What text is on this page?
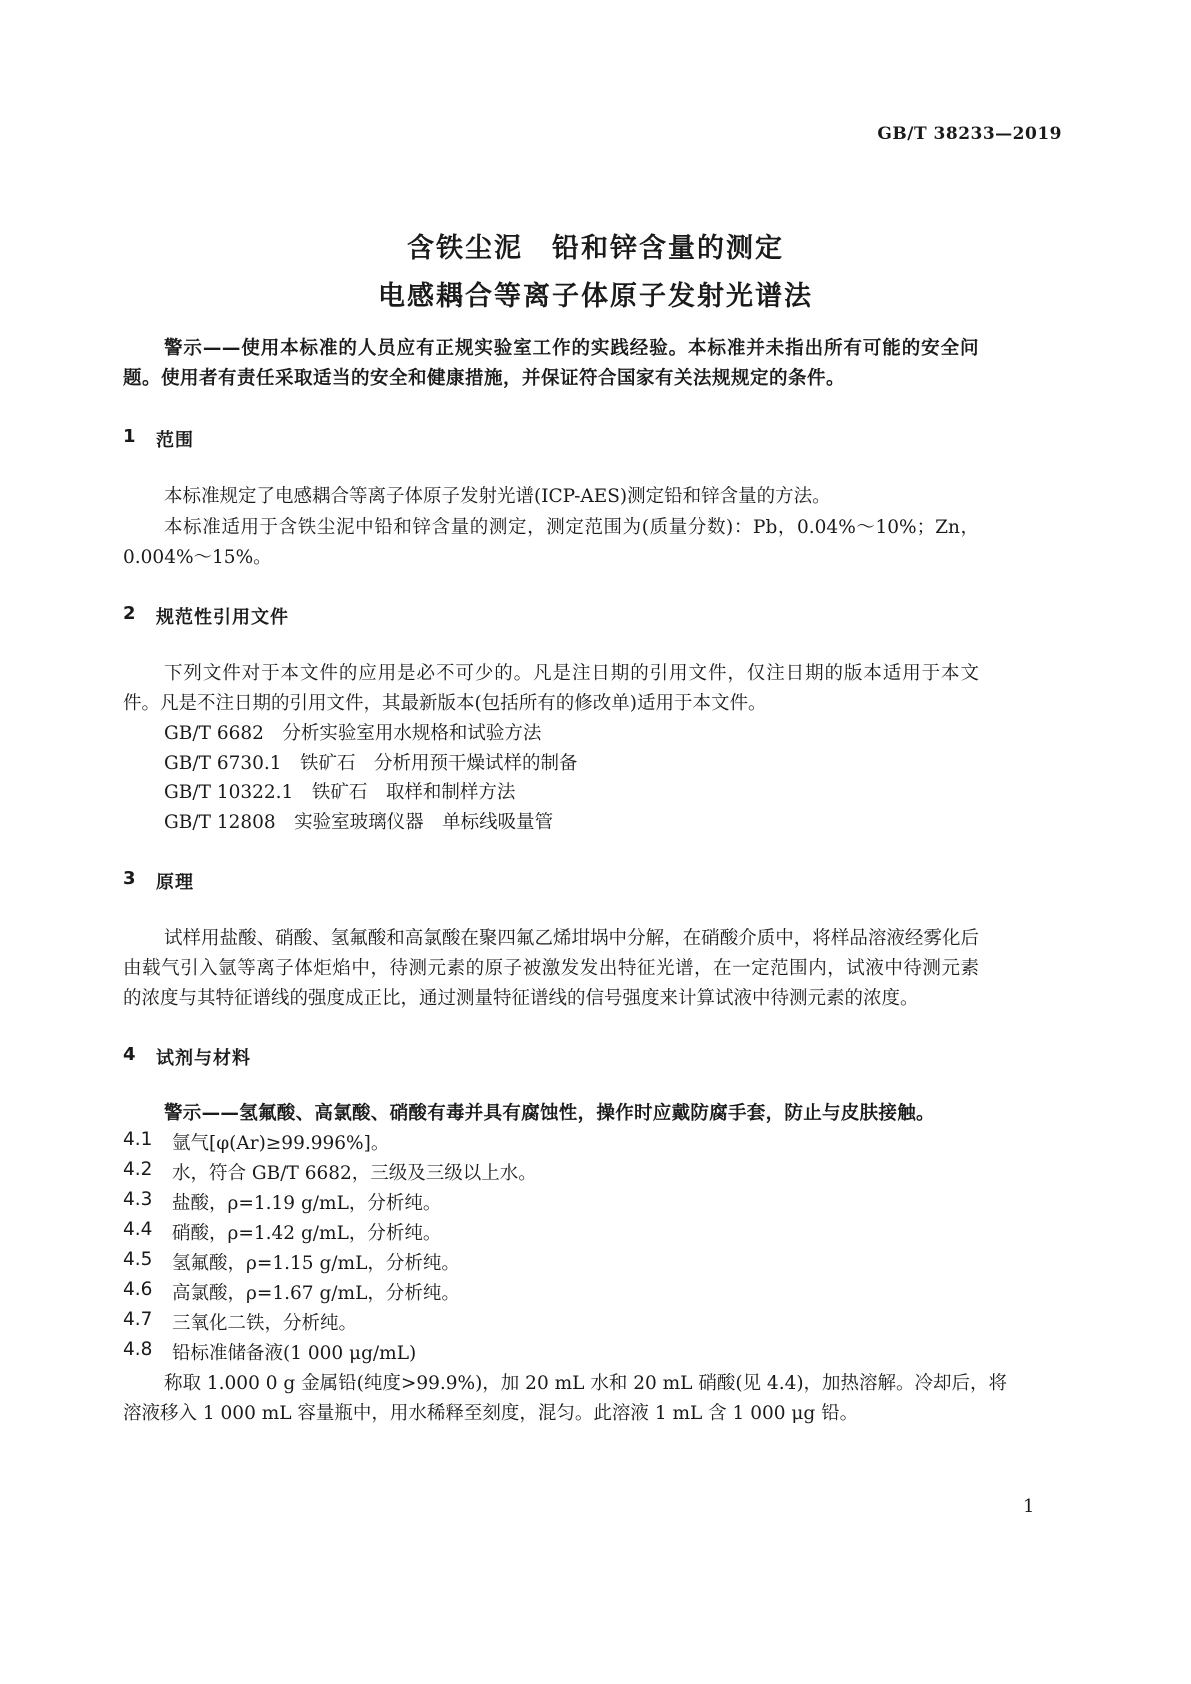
GB/T 38233—2019
含铁尘泥　铅和锌含量的测定
电感耦合等离子体原子发射光谱法
警示——使用本标准的人员应有正规实验室工作的实践经验。本标准并未指出所有可能的安全问
题。使用者有责任采取适当的安全和健康措施，并保证符合国家有关法规规定的条件。
1 范围
本标准规定了电感耦合等离子体原子发射光谱(ICP-AES)测定铅和锌含量的方法。
本标准适用于含铁尘泥中铅和锌含量的测定，测定范围为(质量分数)：Pb，0.04%～10%；Zn，
0.004%～15%。
2 规范性引用文件
下列文件对于本文件的应用是必不可少的。凡是注日期的引用文件，仅注日期的版本适用于本文
件。凡是不注日期的引用文件，其最新版本(包括所有的修改单)适用于本文件。
GB/T 6682　分析实验室用水规格和试验方法
GB/T 6730.1　铁矿石　分析用预干燥试样的制备
GB/T 10322.1　铁矿石　取样和制样方法
GB/T 12808　实验室玻璃仪器　单标线吸量管
3 原理
试样用盐酸、硝酸、氢氟酸和高氯酸在聚四氟乙烯坩埚中分解，在硝酸介质中，将样品溶液经雾化后
由载气引入氩等离子体炬焰中，待测元素的原子被激发发出特征光谱，在一定范围内，试液中待测元素
的浓度与其特征谱线的强度成正比，通过测量特征谱线的信号强度来计算试液中待测元素的浓度。
4 试剂与材料
警示——氢氟酸、高氯酸、硝酸有毒并具有腐蚀性，操作时应戴防腐手套，防止与皮肤接触。
4.1 氩气[φ(Ar)≥99.996%]。
4.2 水，符合 GB/T 6682，三级及三级以上水。
4.3 盐酸，ρ=1.19 g/mL，分析纯。
4.4 硝酸，ρ=1.42 g/mL，分析纯。
4.5 氢氟酸，ρ=1.15 g/mL，分析纯。
4.6 高氯酸，ρ=1.67 g/mL，分析纯。
4.7 三氧化二铁，分析纯。
4.8 铅标准储备液(1 000 μg/mL)
称取 1.000 0 g 金属铅(纯度>99.9%)，加 20 mL 水和 20 mL 硝酸(见 4.4)，加热溶解。冷却后，将
溶液移入 1 000 mL 容量瓶中，用水稀释至刻度，混匀。此溶液 1 mL 含 1 000 μg 铅。
1
